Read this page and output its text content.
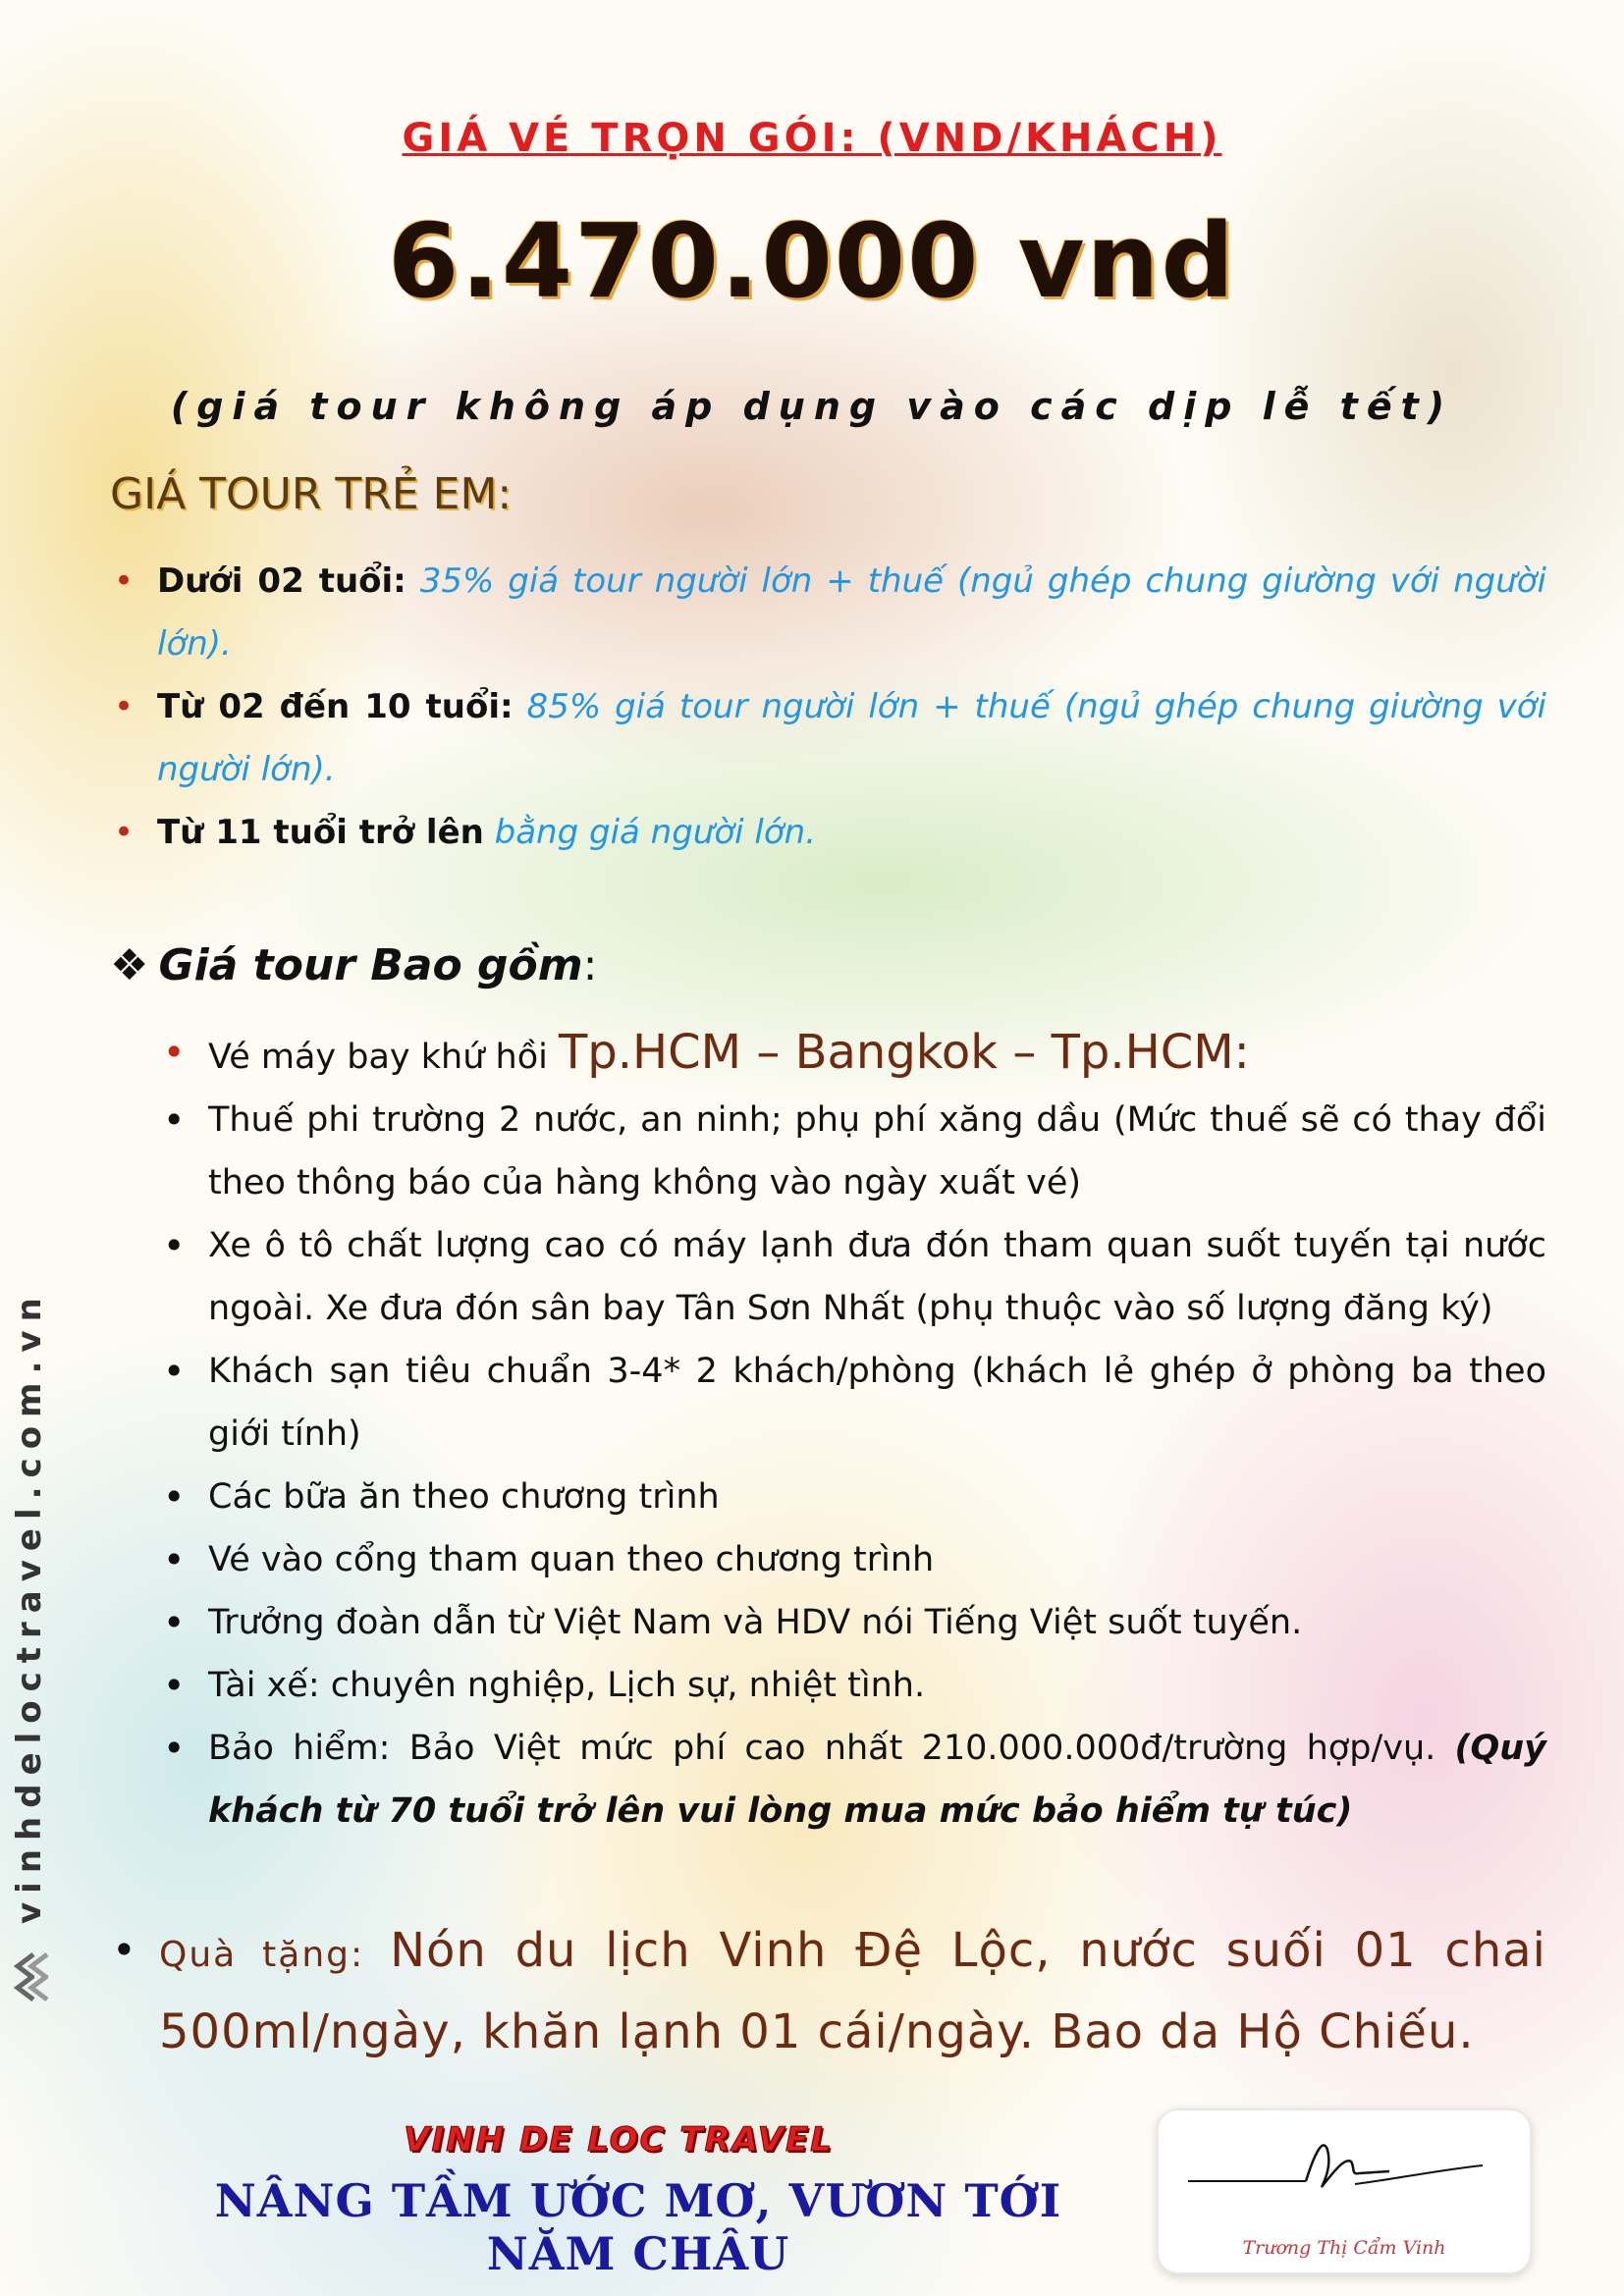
GIÁ VÉ TRỌN GÓI: (VND/KHÁCH)
6.470.000 vnd
(giá tour không áp dụng vào các dịp lễ tết)
GIÁ TOUR TRẺ EM:
• Dưới 02 tuổi: 35% giá tour người lớn + thuế (ngủ ghép chung giường với người lớn).
• Từ 02 đến 10 tuổi: 85% giá tour người lớn + thuế (ngủ ghép chung giường với người lớn).
• Từ 11 tuổi trở lên bằng giá người lớn.
❖ Giá tour Bao gồm:
• Vé máy bay khứ hồi Tp.HCM – Bangkok – Tp.HCM:
• Thuế phi trường 2 nước, an ninh; phụ phí xăng dầu (Mức thuế sẽ có thay đổi theo thông báo của hàng không vào ngày xuất vé)
• Xe ô tô chất lượng cao có máy lạnh đưa đón tham quan suốt tuyến tại nước ngoài. Xe đưa đón sân bay Tân Sơn Nhất (phụ thuộc vào số lượng đăng ký)
• Khách sạn tiêu chuẩn 3-4* 2 khách/phòng (khách lẻ ghép ở phòng ba theo giới tính)
• Các bữa ăn theo chương trình
• Vé vào cổng tham quan theo chương trình
• Trưởng đoàn dẫn từ Việt Nam và HDV nói Tiếng Việt suốt tuyến.
• Tài xế: chuyên nghiệp, Lịch sự, nhiệt tình.
• Bảo hiểm: Bảo Việt mức phí cao nhất 210.000.000đ/trường hợp/vụ. (Quý khách từ 70 tuổi trở lên vui lòng mua mức bảo hiểm tự túc)
• Quà tặng: Nón du lịch Vinh Đệ Lộc, nước suối 01 chai 500ml/ngày, khăn lạnh 01 cái/ngày. Bao da Hộ Chiếu.
VINH DE LOC TRAVEL
NÂNG TẦM ƯỚC MƠ, VƯƠN TỚI NĂM CHÂU
vinhdeloctravel.com.vn
Trương Thị Cẩm Vinh
